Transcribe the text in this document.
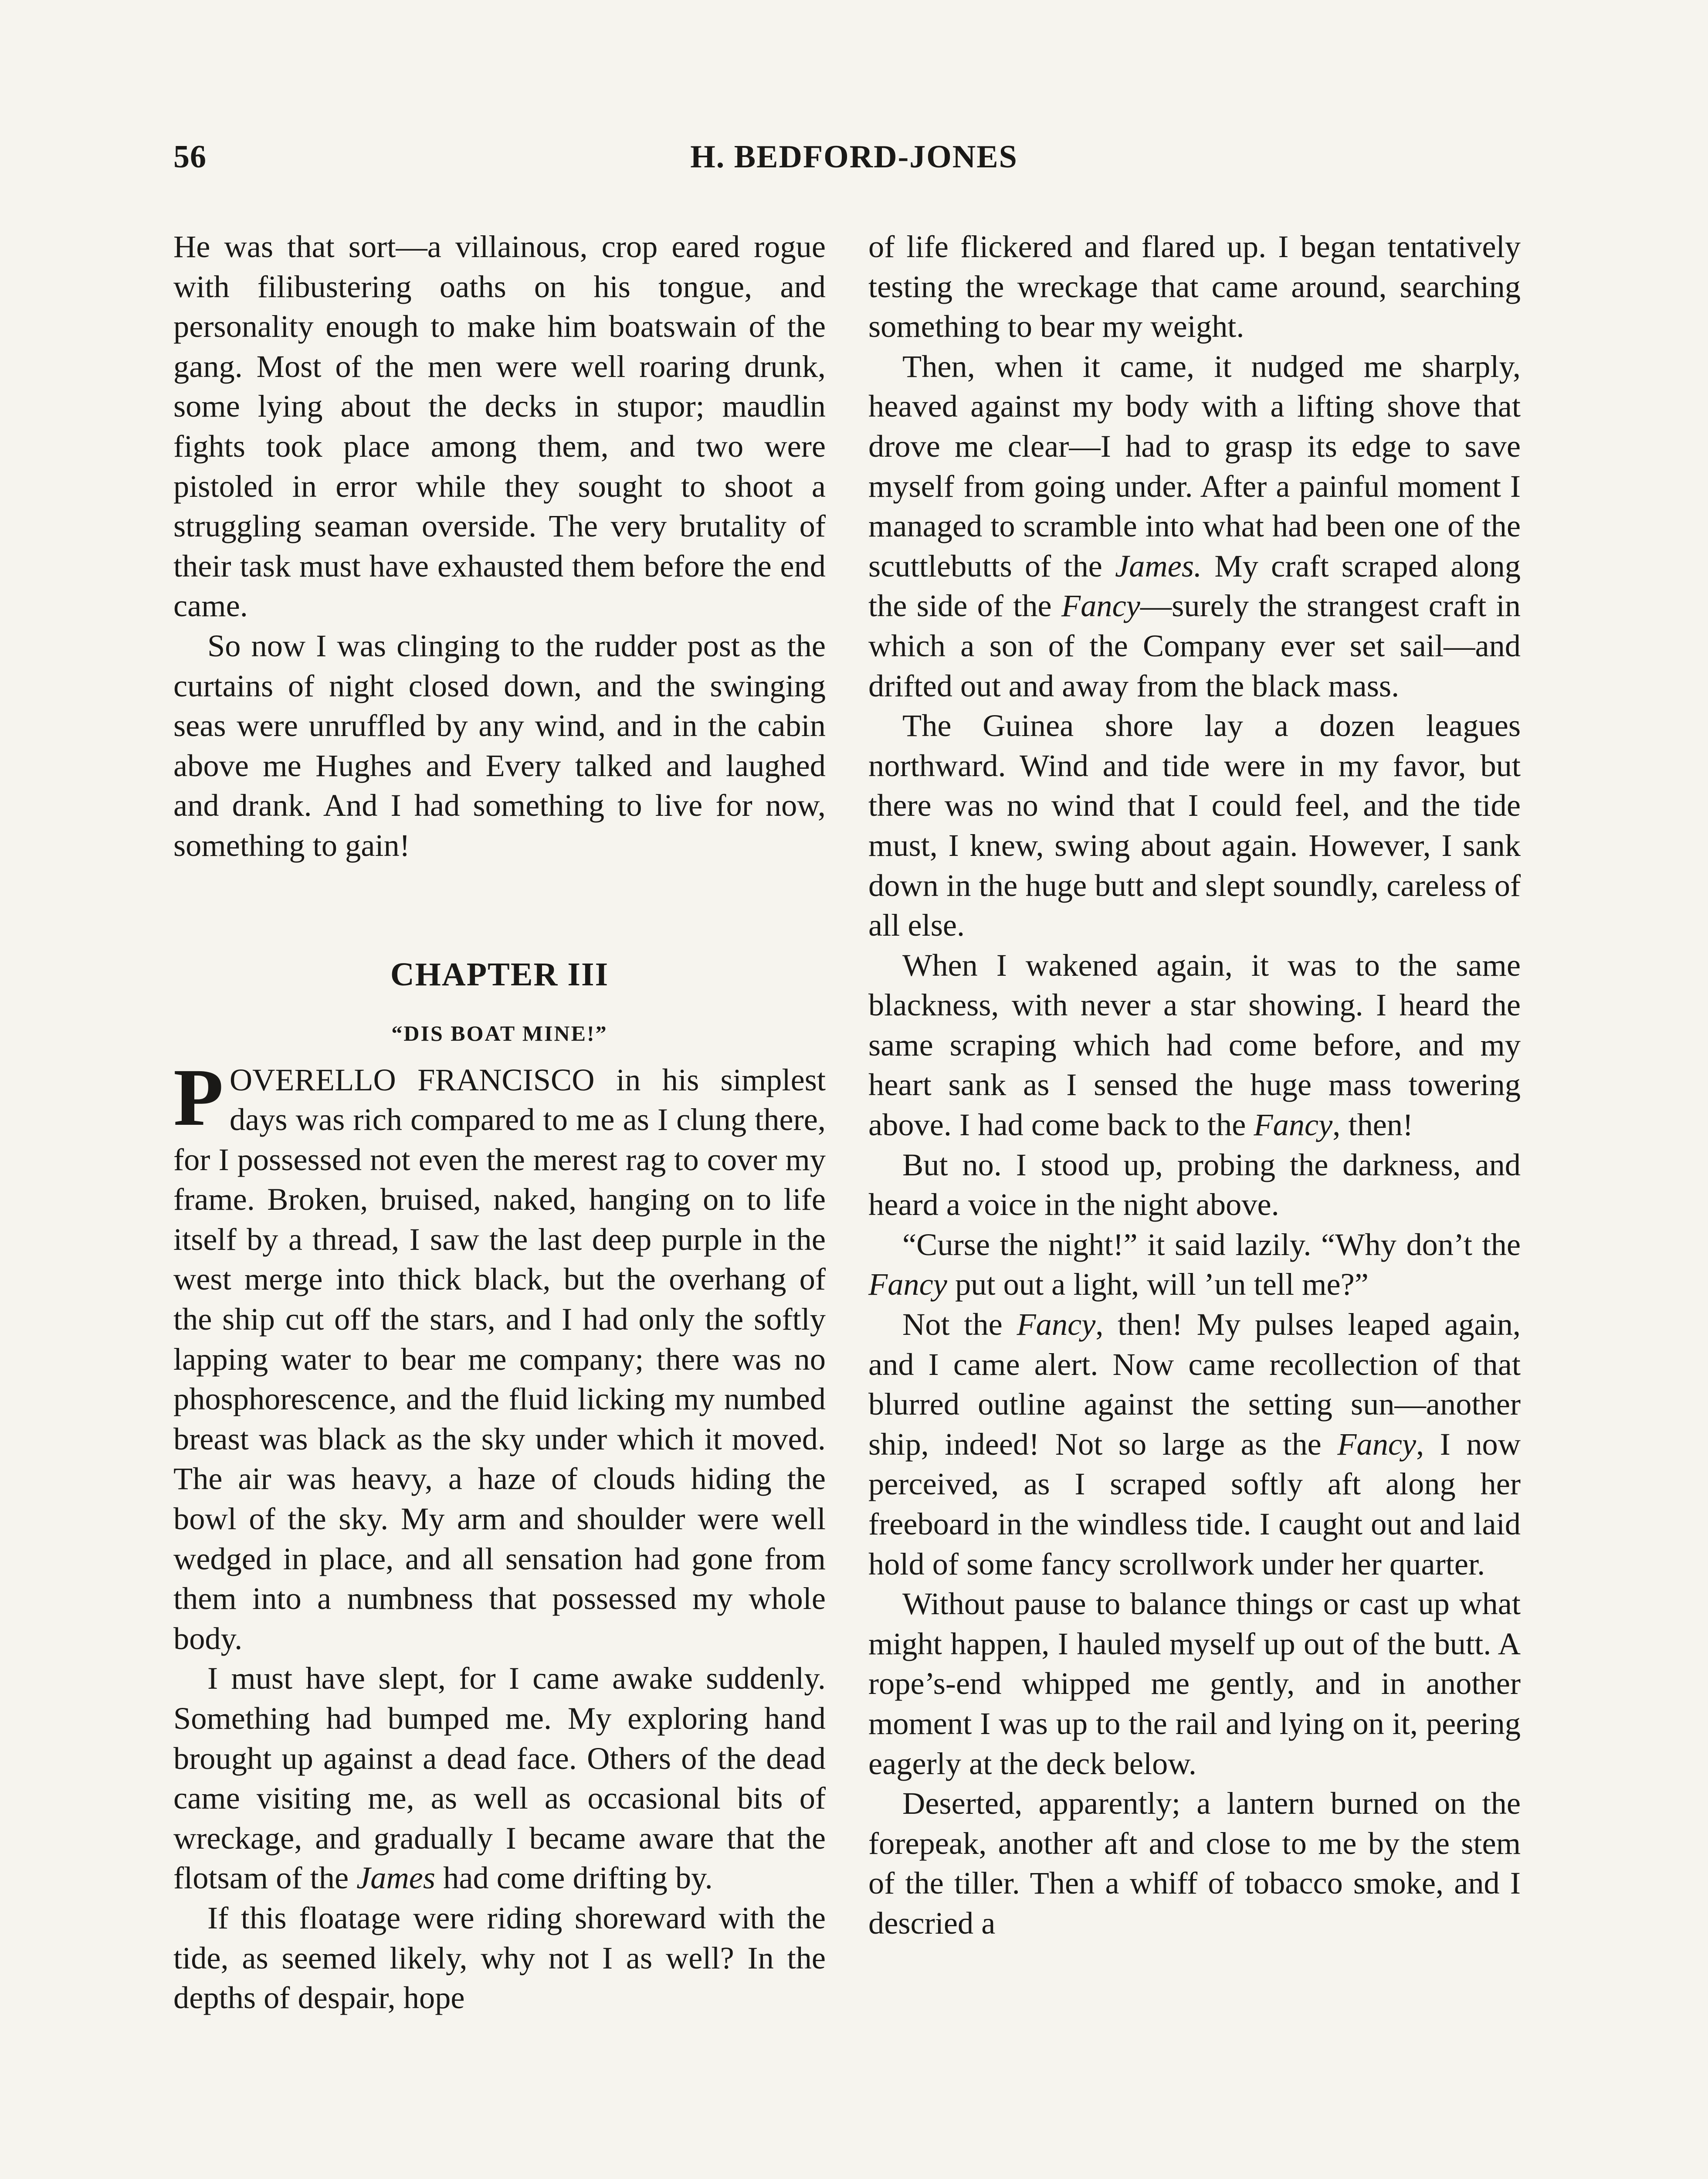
56	H. BEDFORD-JONES

He was that sort—a villainous, crop eared rogue with filibustering oaths on his tongue, and personality enough to make him boatswain of the gang. Most of the men were well roaring drunk, some lying about the decks in stupor; maudlin fights took place among them, and two were pistoled in error while they sought to shoot a struggling seaman overside. The very brutality of their task must have exhausted them before the end came.

So now I was clinging to the rudder post as the curtains of night closed down, and the swinging seas were unruffled by any wind, and in the cabin above me Hughes and Every talked and laughed and drank. And I had something to live for now, something to gain!

CHAPTER III
“DIS BOAT MINE!”

POVERELLO FRANCISCO in his simplest days was rich compared to me as I clung there, for I possessed not even the merest rag to cover my frame. Broken, bruised, naked, hanging on to life itself by a thread, I saw the last deep purple in the west merge into thick black, but the overhang of the ship cut off the stars, and I had only the softly lapping water to bear me company; there was no phosphorescence, and the fluid licking my numbed breast was black as the sky under which it moved. The air was heavy, a haze of clouds hiding the bowl of the sky. My arm and shoulder were well wedged in place, and all sensation had gone from them into a numbness that possessed my whole body.

I must have slept, for I came awake suddenly. Something had bumped me. My exploring hand brought up against a dead face. Others of the dead came visiting me, as well as occasional bits of wreckage, and gradually I became aware that the flotsam of the James had come drifting by.

If this floatage were riding shoreward with the tide, as seemed likely, why not I as well? In the depths of despair, hope

of life flickered and flared up. I began tentatively testing the wreckage that came around, searching something to bear my weight.

Then, when it came, it nudged me sharply, heaved against my body with a lifting shove that drove me clear—I had to grasp its edge to save myself from going under. After a painful moment I managed to scramble into what had been one of the scuttlebutts of the James. My craft scraped along the side of the Fancy—surely the strangest craft in which a son of the Company ever set sail—and drifted out and away from the black mass.

The Guinea shore lay a dozen leagues northward. Wind and tide were in my favor, but there was no wind that I could feel, and the tide must, I knew, swing about again. However, I sank down in the huge butt and slept soundly, careless of all else.

When I wakened again, it was to the same blackness, with never a star showing. I heard the same scraping which had come before, and my heart sank as I sensed the huge mass towering above. I had come back to the Fancy, then!

But no. I stood up, probing the darkness, and heard a voice in the night above.

“Curse the night!” it said lazily. “Why don’t the Fancy put out a light, will ’un tell me?”

Not the Fancy, then! My pulses leaped again, and I came alert. Now came recollection of that blurred outline against the setting sun—another ship, indeed! Not so large as the Fancy, I now perceived, as I scraped softly aft along her freeboard in the windless tide. I caught out and laid hold of some fancy scrollwork under her quarter.

Without pause to balance things or cast up what might happen, I hauled myself up out of the butt. A rope’s-end whipped me gently, and in another moment I was up to the rail and lying on it, peering eagerly at the deck below.

Deserted, apparently; a lantern burned on the forepeak, another aft and close to me by the stem of the tiller. Then a whiff of tobacco smoke, and I descried a
